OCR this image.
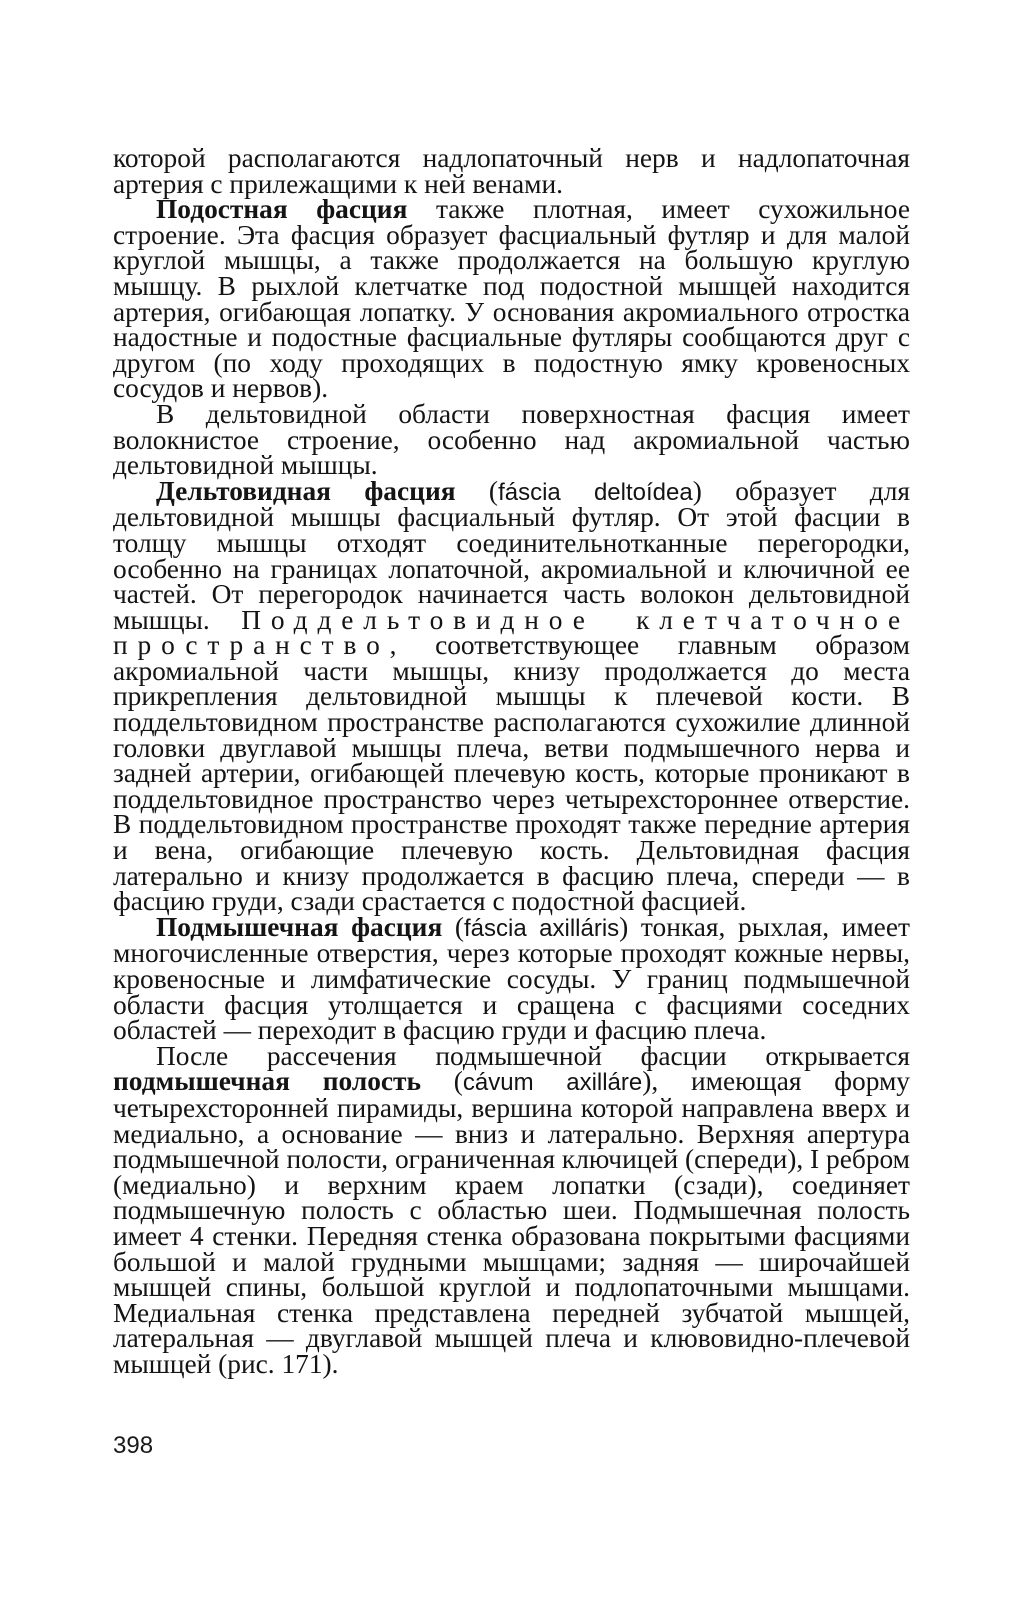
которой располагаются надлопаточный нерв и надлопаточная артерия с прилежащими к ней венами.

Подостная фасция также плотная, имеет сухожильное строение. Эта фасция образует фасциальный футляр и для малой круглой мышцы, а также продолжается на большую круглую мышцу. В рыхлой клетчатке под подостной мышцей находится артерия, огибающая лопатку. У основания акромиального отростка надостные и подостные фасциальные футляры сообщаются друг с другом (по ходу проходящих в подостную ямку кровеносных сосудов и нервов).

В дельтовидной области поверхностная фасция имеет волокнистое строение, особенно над акромиальной частью дельтовидной мышцы.

Дельтовидная фасция (fáscia deltoídea) образует для дельтовидной мышцы фасциальный футляр. От этой фасции в толщу мышцы отходят соединительнотканные перегородки, особенно на границах лопаточной, акромиальной и ключичной ее частей. От перегородок начинается часть волокон дельтовидной мышцы. Поддельтовидное клетчаточное пространство, соответствующее главным образом акромиальной части мышцы, книзу продолжается до места прикрепления дельтовидной мышцы к плечевой кости. В поддельтовидном пространстве располагаются сухожилие длинной головки двуглавой мышцы плеча, ветви подмышечного нерва и задней артерии, огибающей плечевую кость, которые проникают в поддельтовидное пространство через четырехстороннее отверстие. В поддельтовидном пространстве проходят также передние артерия и вена, огибающие плечевую кость. Дельтовидная фасция латерально и книзу продолжается в фасцию плеча, спереди — в фасцию груди, сзади срастается с подостной фасцией.

Подмышечная фасция (fáscia axilláris) тонкая, рыхлая, имеет многочисленные отверстия, через которые проходят кожные нервы, кровеносные и лимфатические сосуды. У границ подмышечной области фасция утолщается и сращена с фасциями соседних областей — переходит в фасцию груди и фасцию плеча.

После рассечения подмышечной фасции открывается подмышечная полость (cávum axilláre), имеющая форму четырехсторонней пирамиды, вершина которой направлена вверх и медиально, а основание — вниз и латерально. Верхняя апертура подмышечной полости, ограниченная ключицей (спереди), I ребром (медиально) и верхним краем лопатки (сзади), соединяет подмышечную полость с областью шеи. Подмышечная полость имеет 4 стенки. Передняя стенка образована покрытыми фасциями большой и малой грудными мышцами; задняя — широчайшей мышцей спины, большой круглой и подлопаточными мышцами. Медиальная стенка представлена передней зубчатой мышцей, латеральная — двуглавой мышцей плеча и клювовидно-плечевой мышцей (рис. 171).

398
